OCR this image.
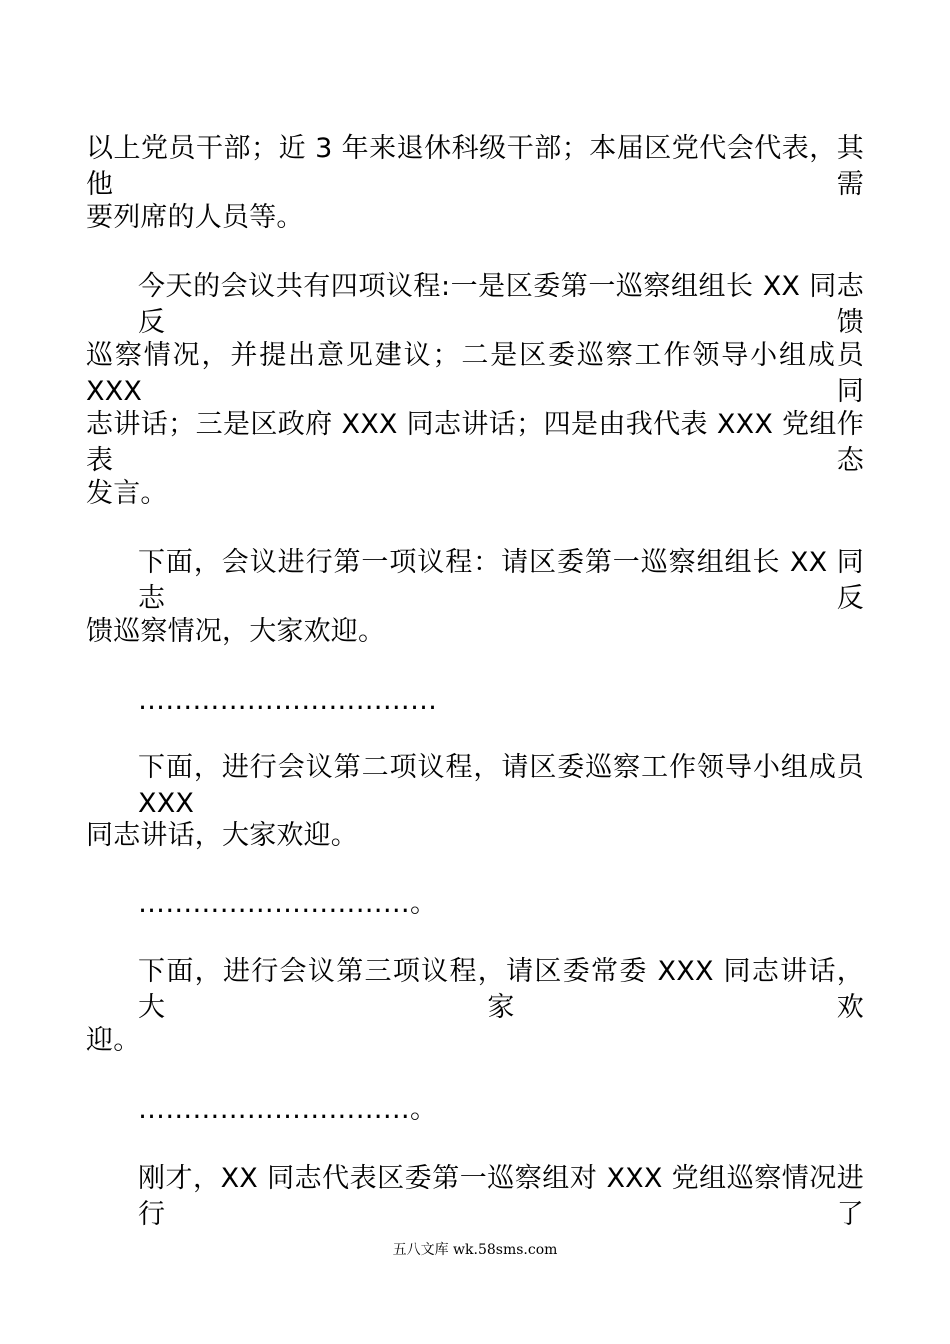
以上党员干部；近 3 年来退休科级干部；本届区党代会代表，其他需
要列席的人员等。
今天的会议共有四项议程:一是区委第一巡察组组长 XX 同志反馈
巡察情况，并提出意见建议；二是区委巡察工作领导小组成员 XXX 同
志讲话；三是区政府 XXX 同志讲话；四是由我代表 XXX 党组作表态
发言。
下面，会议进行第一项议程：请区委第一巡察组组长 XX 同志反
馈巡察情况，大家欢迎。
……………………………
下面，进行会议第二项议程，请区委巡察工作领导小组成员 XXX
同志讲话，大家欢迎。
…………………………。
下面，进行会议第三项议程，请区委常委 XXX 同志讲话，大家欢
迎。
…………………………。
刚才，XX 同志代表区委第一巡察组对 XXX 党组巡察情况进行了
五八文库 wk.58sms.com
